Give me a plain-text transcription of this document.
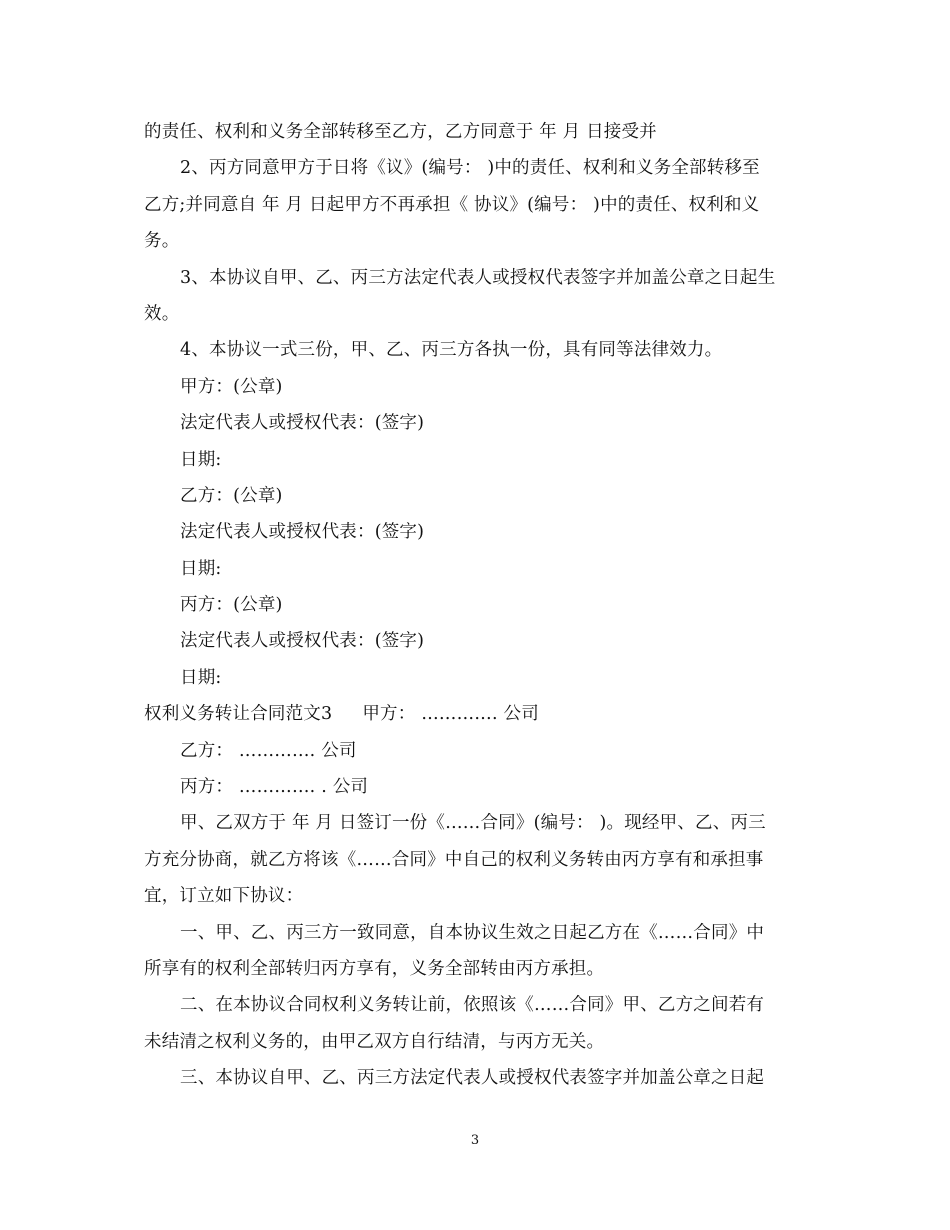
的责任、权利和义务全部转移至乙方，乙方同意于 年 月 日接受并
2、丙方同意甲方于日将《议》(编号： )中的责任、权利和义务全部转移至
乙方;并同意自 年 月 日起甲方不再承担《 协议》(编号： )中的责任、权利和义
务。
3、本协议自甲、乙、丙三方法定代表人或授权代表签字并加盖公章之日起生
效。
4、本协议一式三份，甲、乙、丙三方各执一份，具有同等法律效力。
甲方：(公章)
法定代表人或授权代表：(签字)
日期:
乙方：(公章)
法定代表人或授权代表：(签字)
日期:
丙方：(公章)
法定代表人或授权代表：(签字)
日期:
权利义务转让合同范文3 甲方： …………. 公司
乙方： …………. 公司
丙方： …………. . 公司
甲、乙双方于 年 月 日签订一份《……合同》(编号： )。现经甲、乙、丙三
方充分协商，就乙方将该《……合同》中自己的权利义务转由丙方享有和承担事
宜，订立如下协议：
一、甲、乙、丙三方一致同意，自本协议生效之日起乙方在《……合同》中
所享有的权利全部转归丙方享有，义务全部转由丙方承担。
二、在本协议合同权利义务转让前，依照该《……合同》甲、乙方之间若有
未结清之权利义务的，由甲乙双方自行结清，与丙方无关。
三、本协议自甲、乙、丙三方法定代表人或授权代表签字并加盖公章之日起
3
